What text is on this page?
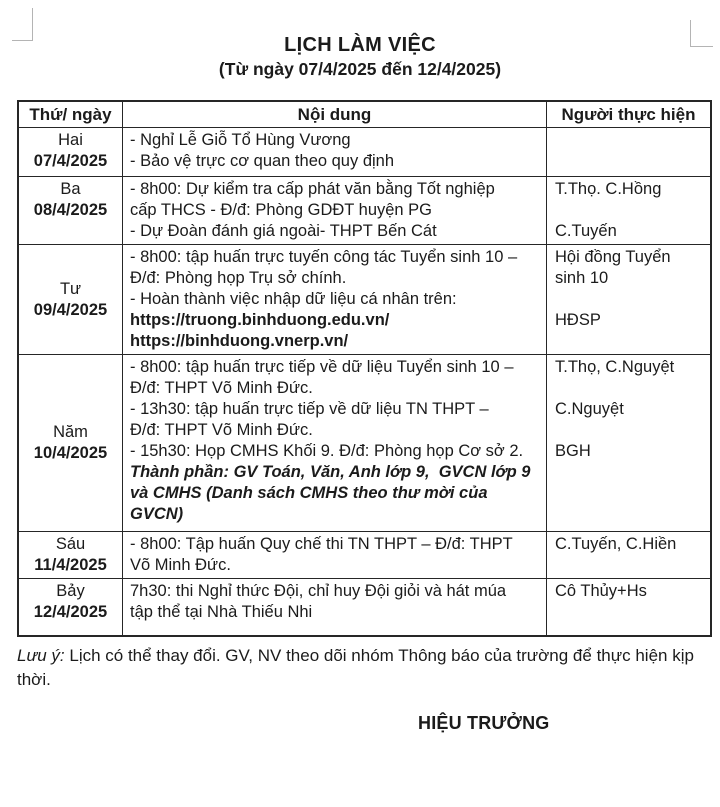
LỊCH LÀM VIỆC
(Từ ngày 07/4/2025 đến 12/4/2025)
Thứ/ ngày	Nội dung	Người thực hiện
Hai
07/4/2025
- Nghỉ Lễ Giỗ Tổ Hùng Vương
- Bảo vệ trực cơ quan theo quy định
Ba
08/4/2025
- 8h00: Dự kiểm tra cấp phát văn bằng Tốt nghiệp
cấp THCS - Đ/đ: Phòng GDĐT huyện PG
- Dự Đoàn đánh giá ngoài- THPT Bến Cát
T.Thọ. C.Hồng
C.Tuyến
Tư
09/4/2025
- 8h00: tập huấn trực tuyến công tác Tuyển sinh 10 –
Đ/đ: Phòng họp Trụ sở chính.
- Hoàn thành việc nhập dữ liệu cá nhân trên:
https://truong.binhduong.edu.vn/
https://binhduong.vnerp.vn/
Hội đồng Tuyển
sinh 10
HĐSP
Năm
10/4/2025
- 8h00: tập huấn trực tiếp về dữ liệu Tuyển sinh 10 –
Đ/đ: THPT Võ Minh Đức.
- 13h30: tập huấn trực tiếp về dữ liệu TN THPT –
Đ/đ: THPT Võ Minh Đức.
- 15h30: Họp CMHS Khối 9. Đ/đ: Phòng họp Cơ sở 2.
Thành phần: GV Toán, Văn, Anh lớp 9,  GVCN lớp 9
và CMHS (Danh sách CMHS theo thư mời của
GVCN)
T.Thọ, C.Nguyệt
C.Nguyệt
BGH
Sáu
11/4/2025
- 8h00: Tập huấn Quy chế thi TN THPT – Đ/đ: THPT
Võ Minh Đức.
C.Tuyến, C.Hiền
Bảy
12/4/2025
7h30: thi Nghỉ thức Đội, chỉ huy Đội giỏi và hát múa
tập thể tại Nhà Thiếu Nhi
Cô Thủy+Hs
Lưu ý: Lịch có thể thay đổi. GV, NV theo dõi nhóm Thông báo của trường để thực hiện kịp thời.
HIỆU TRƯỞNG
